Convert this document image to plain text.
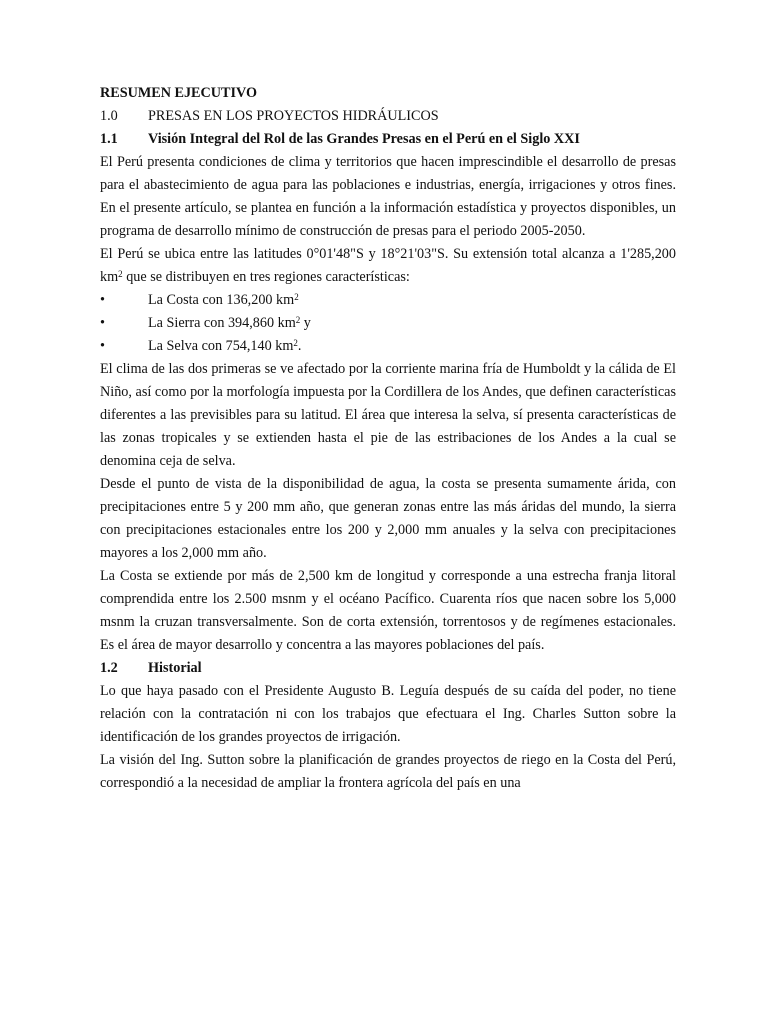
RESUMEN EJECUTIVO
1.0	PRESAS EN LOS PROYECTOS HIDRÁULICOS
1.1	Visión Integral del Rol de las Grandes Presas en el Perú en el Siglo XXI
El Perú presenta condiciones de clima y territorios que hacen imprescindible el desarrollo de presas para el abastecimiento de agua para las poblaciones e industrias, energía, irrigaciones y otros fines. En el presente artículo, se plantea en función a la información estadística y proyectos disponibles, un programa de desarrollo mínimo de construcción de presas para el periodo 2005-2050.
El Perú se ubica entre las latitudes 0°01'48"S y 18°21'03"S. Su extensión total alcanza a 1'285,200 $km^2$ que se distribuyen en tres regiones características:
•	La Costa con 136,200 $km^2$
•	La Sierra con 394,860 $km^2$ y
•	La Selva con 754,140 $km^2$.
El clima de las dos primeras se ve afectado por la corriente marina fría de Humboldt y la cálida de El Niño, así como por la morfología impuesta por la Cordillera de los Andes, que definen características diferentes a las previsibles para su latitud. El área que interesa la selva, sí presenta características de las zonas tropicales y se extienden hasta el pie de las estribaciones de los Andes a la cual se denomina ceja de selva.
Desde el punto de vista de la disponibilidad de agua, la costa se presenta sumamente árida, con precipitaciones entre 5 y 200 mm año, que generan zonas entre las más áridas del mundo, la sierra con precipitaciones estacionales entre los 200 y 2,000 mm anuales y la selva con precipitaciones mayores a los 2,000 mm año.
La Costa se extiende por más de 2,500 km de longitud y corresponde a una estrecha franja litoral comprendida entre los 2.500 msnm y el océano Pacífico. Cuarenta ríos que nacen sobre los 5,000 msnm la cruzan transversalmente. Son de corta extensión, torrentosos y de regímenes estacionales. Es el área de mayor desarrollo y concentra a las mayores poblaciones del país.
1.2	Historial
Lo que haya pasado con el Presidente Augusto B. Leguía después de su caída del poder, no tiene relación con la contratación ni con los trabajos que efectuara el Ing. Charles Sutton sobre la identificación de los grandes proyectos de irrigación.
La visión del Ing. Sutton sobre la planificación de grandes proyectos de riego en la Costa del Perú, correspondió a la necesidad de ampliar la frontera agrícola del país en una
